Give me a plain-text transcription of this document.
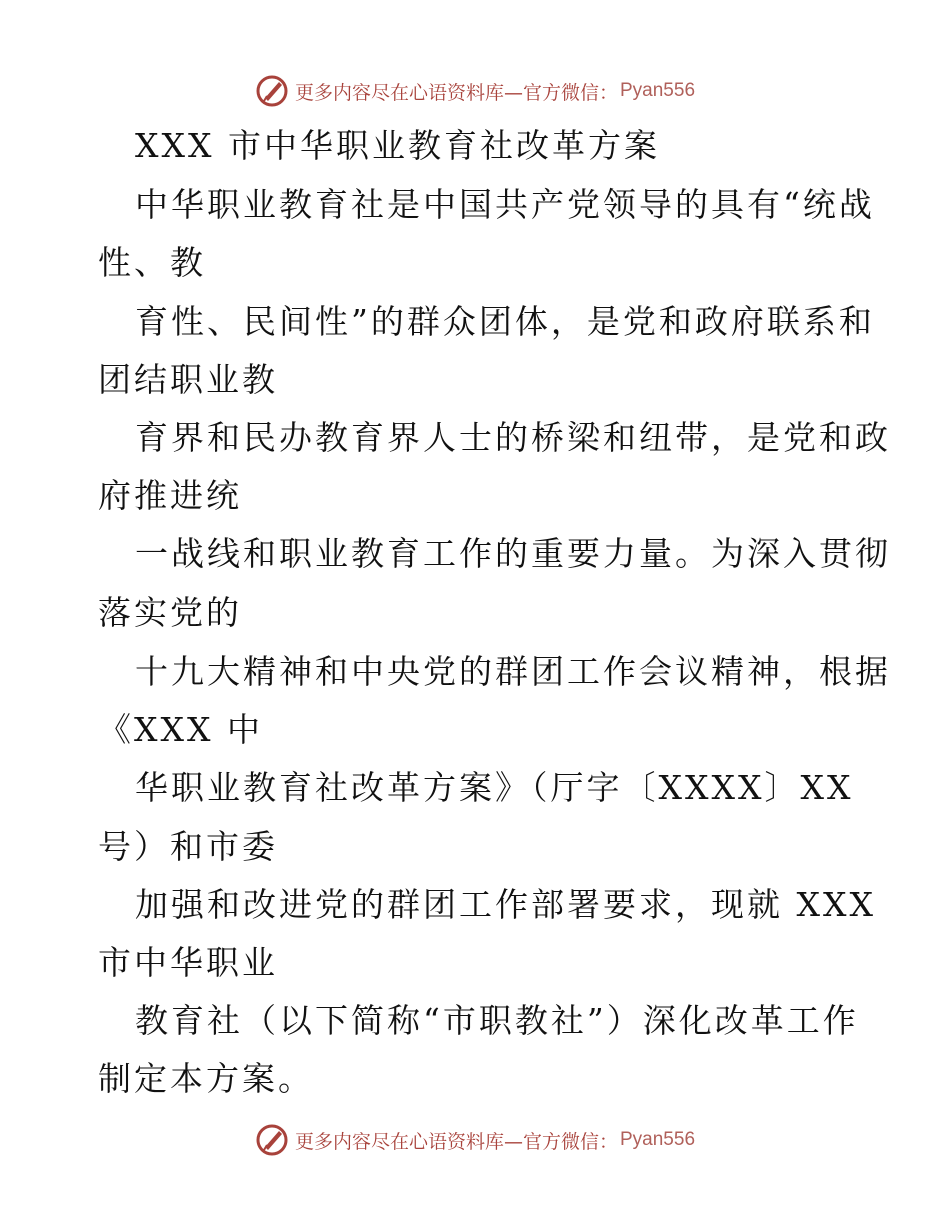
更多内容尽在心语资料库—官方微信： Pyan556
XXX 市中华职业教育社改革方案
中华职业教育社是中国共产党领导的具有“统战
性、教
育性、民间性”的群众团体，是党和政府联系和
团结职业教
育界和民办教育界人士的桥梁和纽带，是党和政
府推进统
一战线和职业教育工作的重要力量。为深入贯彻
落实党的
十九大精神和中央党的群团工作会议精神，根据
《XXX 中
华职业教育社改革方案》（厅字〔XXXX〕XX
号）和市委
加强和改进党的群团工作部署要求，现就 XXX
市中华职业
教育社（以下简称“市职教社”）深化改革工作
制定本方案。
更多内容尽在心语资料库—官方微信： Pyan556
